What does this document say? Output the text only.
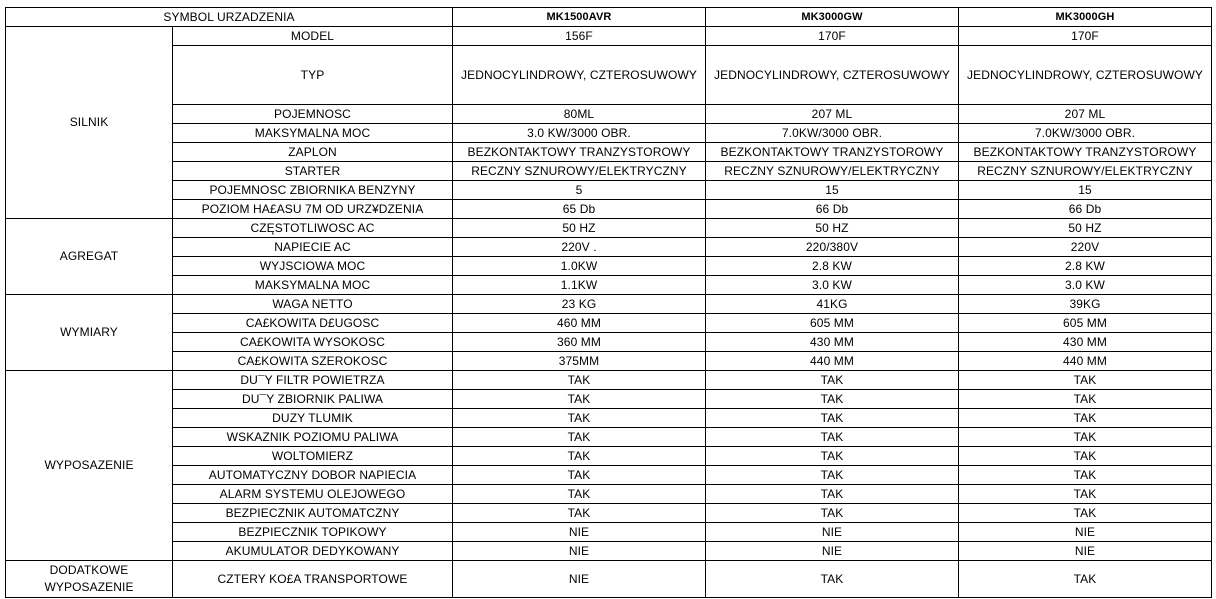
SYMBOL URZADZENIA		MK1500AVR	MK3000GW	MK3000GH
SILNIK	MODEL	156F	170F	170F
	TYP	JEDNOCYLINDROWY, CZTEROSUWOWY	JEDNOCYLINDROWY, CZTEROSUWOWY	JEDNOCYLINDROWY, CZTEROSUWOWY
	POJEMNOSC	80ML	207 ML	207 ML
	MAKSYMALNA MOC	3.0 KW/3000 OBR.	7.0KW/3000 OBR.	7.0KW/3000 OBR.
	ZAPLON	BEZKONTAKTOWY TRANZYSTOROWY	BEZKONTAKTOWY TRANZYSTOROWY	BEZKONTAKTOWY TRANZYSTOROWY
	STARTER	RECZNY SZNUROWY/ELEKTRYCZNY	RECZNY SZNUROWY/ELEKTRYCZNY	RECZNY SZNUROWY/ELEKTRYCZNY
	POJEMNOSC ZBIORNIKA BENZYNY	5	15	15
	POZIOM HA£ASU 7M OD URZ¥DZENIA	65 Db	66 Db	66 Db
AGREGAT	CZĘSTOTLIWOSC AC	50 HZ	50 HZ	50 HZ
	NAPIECIE AC	220V .	220/380V	220V
	WYJSCIOWA MOC	1.0KW	2.8 KW	2.8 KW
	MAKSYMALNA MOC	1.1KW	3.0 KW	3.0 KW
WYMIARY	WAGA NETTO	23 KG	41KG	39KG
	CA£KOWITA D£UGOSC	460 MM	605 MM	605 MM
	CA£KOWITA WYSOKOSC	360 MM	430 MM	430 MM
	CA£KOWITA SZEROKOSC	375MM	440 MM	440 MM
WYPOSAZENIE	DU¯Y FILTR POWIETRZA	TAK	TAK	TAK
	DU¯Y ZBIORNIK PALIWA	TAK	TAK	TAK
	DUZY TLUMIK	TAK	TAK	TAK
	WSKAZNIK POZIOMU PALIWA	TAK	TAK	TAK
	WOLTOMIERZ	TAK	TAK	TAK
	AUTOMATYCZNY DOBOR NAPIECIA	TAK	TAK	TAK
	ALARM SYSTEMU OLEJOWEGO	TAK	TAK	TAK
	BEZPIECZNIK AUTOMATCZNY	TAK	TAK	TAK
	BEZPIECZNIK TOPIKOWY	NIE	NIE	NIE
	AKUMULATOR DEDYKOWANY	NIE	NIE	NIE
DODATKOWE WYPOSAZENIE	CZTERY KO£A TRANSPORTOWE	NIE	TAK	TAK
